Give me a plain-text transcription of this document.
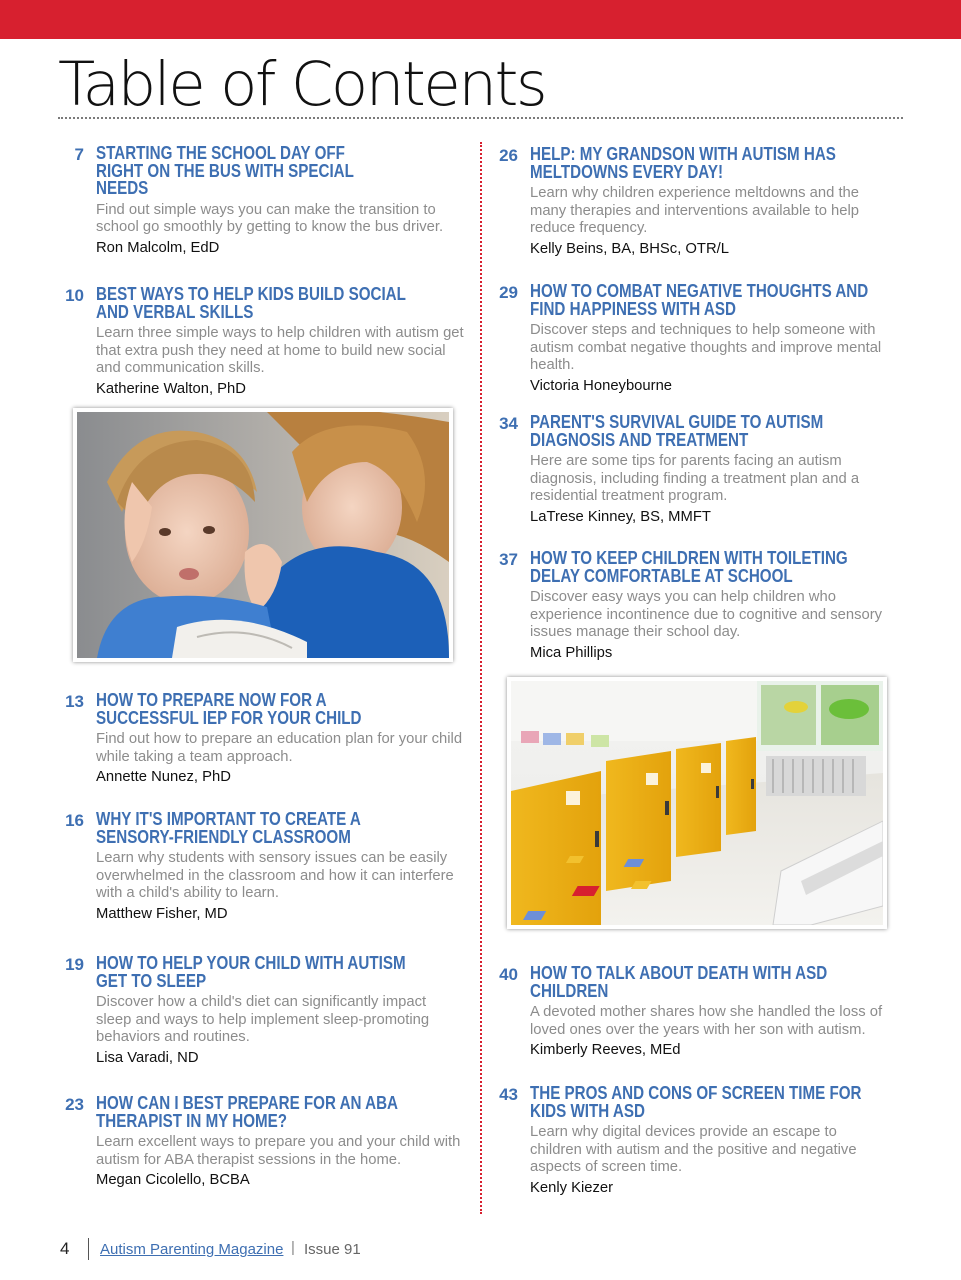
Table of Contents
7 STARTING THE SCHOOL DAY OFF RIGHT ON THE BUS WITH SPECIAL NEEDS
Find out simple ways you can make the transition to school go smoothly by getting to know the bus driver.
Ron Malcolm, EdD
10 BEST WAYS TO HELP KIDS BUILD SOCIAL AND VERBAL SKILLS
Learn three simple ways to help children with autism get that extra push they need at home to build new social and communication skills.
Katherine Walton, PhD
13 HOW TO PREPARE NOW FOR A SUCCESSFUL IEP FOR YOUR CHILD
Find out how to prepare an education plan for your child while taking a team approach.
Annette Nunez, PhD
16 WHY IT'S IMPORTANT TO CREATE A SENSORY-FRIENDLY CLASSROOM
Learn why students with sensory issues can be easily overwhelmed in the classroom and how it can interfere with a child's ability to learn.
Matthew Fisher, MD
19 HOW TO HELP YOUR CHILD WITH AUTISM GET TO SLEEP
Discover how a child's diet can significantly impact sleep and ways to help implement sleep-promoting behaviors and routines.
Lisa Varadi, ND
23 HOW CAN I BEST PREPARE FOR AN ABA THERAPIST IN MY HOME?
Learn excellent ways to prepare you and your child with autism for ABA therapist sessions in the home.
Megan Cicolello, BCBA
26 HELP: MY GRANDSON WITH AUTISM HAS MELTDOWNS EVERY DAY!
Learn why children experience meltdowns and the many therapies and interventions available to help reduce frequency.
Kelly Beins, BA, BHSc, OTR/L
29 HOW TO COMBAT NEGATIVE THOUGHTS AND FIND HAPPINESS WITH ASD
Discover steps and techniques to help someone with autism combat negative thoughts and improve mental health.
Victoria Honeybourne
34 PARENT'S SURVIVAL GUIDE TO AUTISM DIAGNOSIS AND TREATMENT
Here are some tips for parents facing an autism diagnosis, including finding a treatment plan and a residential treatment program.
LaTrese Kinney, BS, MMFT
37 HOW TO KEEP CHILDREN WITH TOILETING DELAY COMFORTABLE AT SCHOOL
Discover easy ways you can help children who experience incontinence due to cognitive and sensory issues manage their school day.
Mica Phillips
40 HOW TO TALK ABOUT DEATH WITH ASD CHILDREN
A devoted mother shares how she handled the loss of loved ones over the years with her son with autism.
Kimberly Reeves, MEd
43 THE PROS AND CONS OF SCREEN TIME FOR KIDS WITH ASD
Learn why digital devices provide an escape to children with autism and the positive and negative aspects of screen time.
Kenly Kiezer
4 Autism Parenting Magazine | Issue 91
